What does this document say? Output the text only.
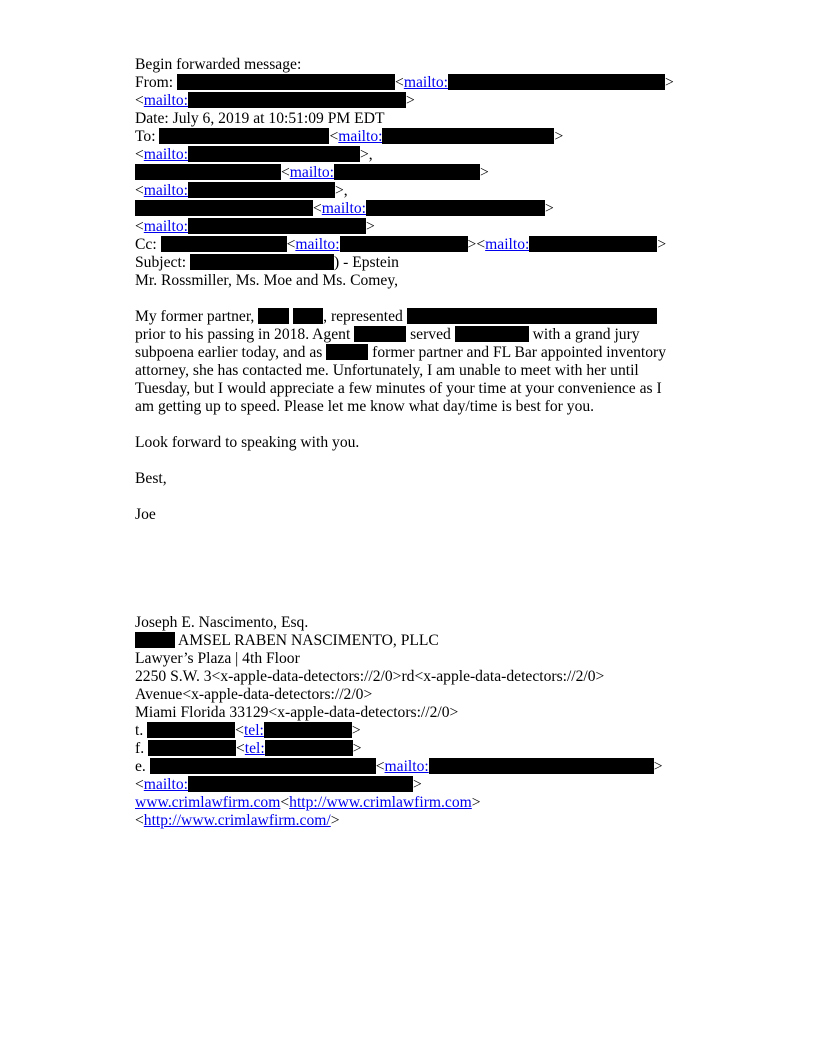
Begin forwarded message:
From:	<mailto:	>
<mailto:	>
Date: July 6, 2019 at 10:51:09 PM EDT
To:	<mailto:	>
<mailto:	>,
<mailto:	>
<mailto:	>,
<mailto:	>
<mailto:	>
Cc:	<mailto:	><mailto:	>
Subject:	) - Epstein
Mr. Rossmiller, Ms. Moe and Ms. Comey,
My former partner,	, represented
prior to his passing in 2018. Agent	served	with a grand jury
subpoena earlier today, and as	former partner and FL Bar appointed inventory
attorney, she has contacted me. Unfortunately, I am unable to meet with her until
Tuesday, but I would appreciate a few minutes of your time at your convenience as I
am getting up to speed. Please let me know what day/time is best for you.
Look forward to speaking with you.
Best,
Joe
Joseph E. Nascimento, Esq.
AMSEL RABEN NASCIMENTO, PLLC
Lawyer’s Plaza | 4th Floor
2250 S.W. 3<x-apple-data-detectors://2/0>rd<x-apple-data-detectors://2/0>
Avenue<x-apple-data-detectors://2/0>
Miami Florida 33129<x-apple-data-detectors://2/0>
t.	<tel:	>
f.	<tel:	>
e.	<mailto:	>
<mailto:	>
www.crimlawfirm.com<http://www.crimlawfirm.com>
<http://www.crimlawfirm.com/>
